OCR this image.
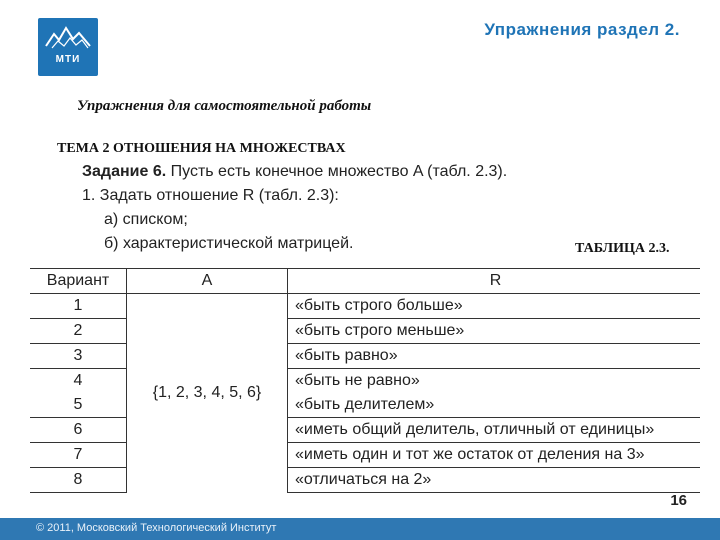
МТИ
Упражнения раздел 2.
Упражнения для самостоятельной работы
ТЕМА 2 ОТНОШЕНИЯ НА МНОЖЕСТВАХ
Задание 6. Пусть есть конечное множество A (табл. 2.3).
1. Задать отношение R (табл. 2.3):
а) списком;
б) характеристической матрицей.	ТАБЛИЦА 2.3.
Вариант	A	R
1	{1, 2, 3, 4, 5, 6}	«быть строго больше»
2		«быть строго меньше»
3		«быть равно»
4		«быть не равно»
5		«быть делителем»
6		«иметь общий делитель, отличный от единицы»
7		«иметь один и тот же остаток от деления на 3»
8		«отличаться на 2»
16
© 2011, Московский Технологический Институт
